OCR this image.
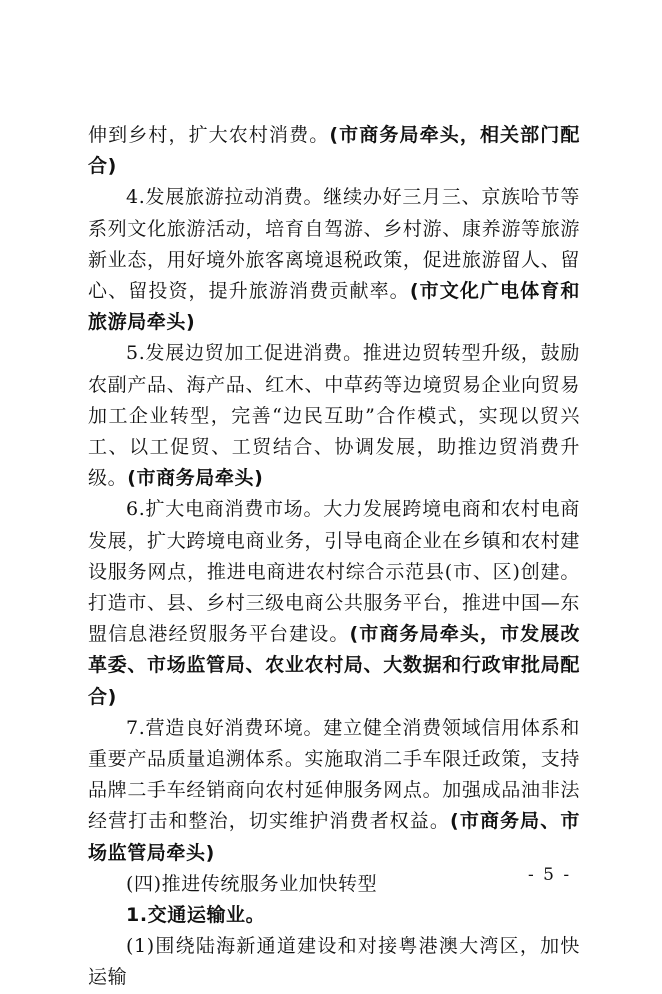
伸到乡村，扩大农村消费。(市商务局牵头，相关部门配合)

4.发展旅游拉动消费。继续办好三月三、京族哈节等系列文化旅游活动，培育自驾游、乡村游、康养游等旅游新业态，用好境外旅客离境退税政策，促进旅游留人、留心、留投资，提升旅游消费贡献率。(市文化广电体育和旅游局牵头)

5.发展边贸加工促进消费。推进边贸转型升级，鼓励农副产品、海产品、红木、中草药等边境贸易企业向贸易加工企业转型，完善“边民互助”合作模式，实现以贸兴工、以工促贸、工贸结合、协调发展，助推边贸消费升级。(市商务局牵头)

6.扩大电商消费市场。大力发展跨境电商和农村电商发展，扩大跨境电商业务，引导电商企业在乡镇和农村建设服务网点，推进电商进农村综合示范县(市、区)创建。打造市、县、乡村三级电商公共服务平台，推进中国—东盟信息港经贸服务平台建设。(市商务局牵头，市发展改革委、市场监管局、农业农村局、大数据和行政审批局配合)

7.营造良好消费环境。建立健全消费领域信用体系和重要产品质量追溯体系。实施取消二手车限迁政策，支持品牌二手车经销商向农村延伸服务网点。加强成品油非法经营打击和整治，切实维护消费者权益。(市商务局、市场监管局牵头)

(四)推进传统服务业加快转型

1.交通运输业。

(1)围绕陆海新通道建设和对接粤港澳大湾区，加快运输

- 5 -
